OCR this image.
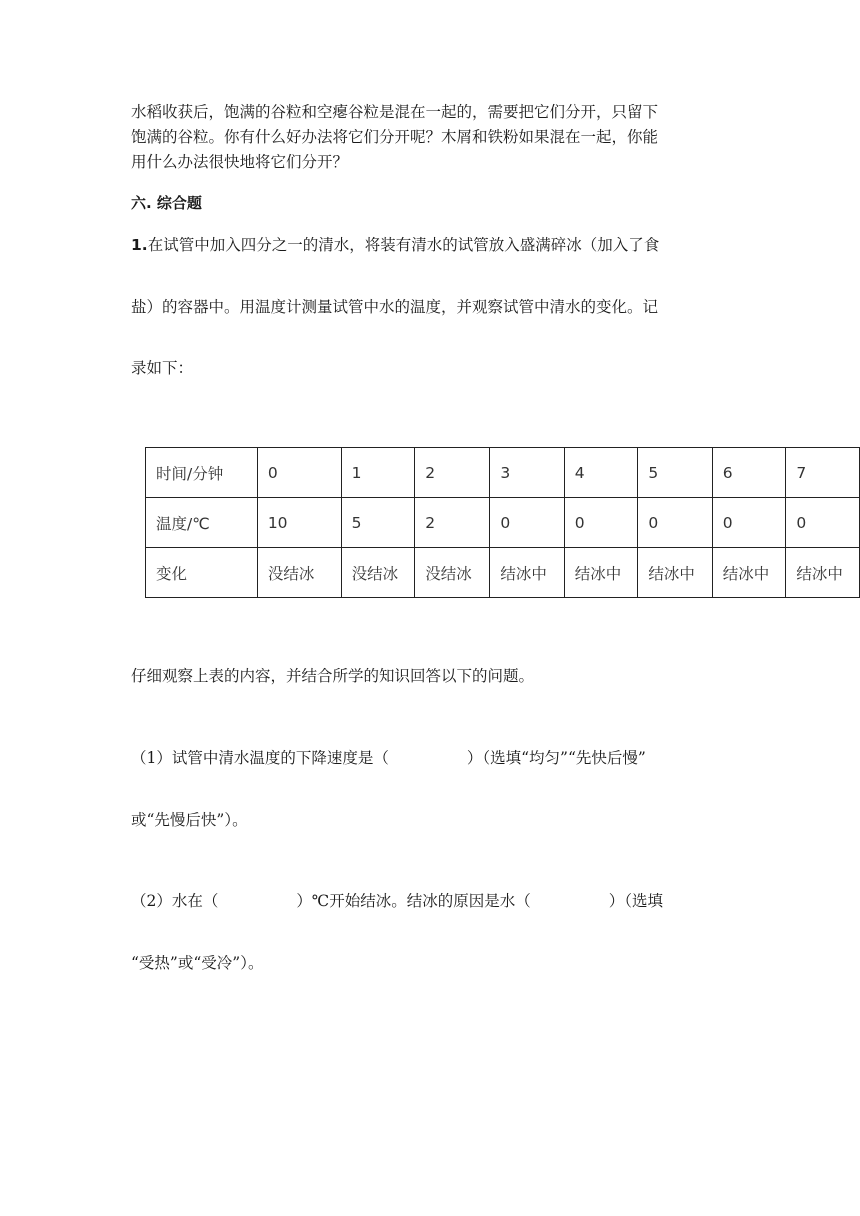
水稻收获后，饱满的谷粒和空瘪谷粒是混在一起的，需要把它们分开，只留下
饱满的谷粒。你有什么好办法将它们分开呢？木屑和铁粉如果混在一起，你能
用什么办法很快地将它们分开？
六. 综合题
1.在试管中加入四分之一的清水，将装有清水的试管放入盛满碎冰（加入了食
盐）的容器中。用温度计测量试管中水的温度，并观察试管中清水的变化。记
录如下：
时间/分钟	0	1	2	3	4	5	6	7
温度/℃	10	5	2	0	0	0	0	0
变化	没结冰	没结冰	没结冰	结冰中	结冰中	结冰中	结冰中	结冰中
仔细观察上表的内容，并结合所学的知识回答以下的问题。
（1）试管中清水温度的下降速度是（	）（选填“均匀”“先快后慢”
或“先慢后快”）。
（2）水在（	）℃开始结冰。结冰的原因是水（	）（选填
“受热”或“受冷”）。
